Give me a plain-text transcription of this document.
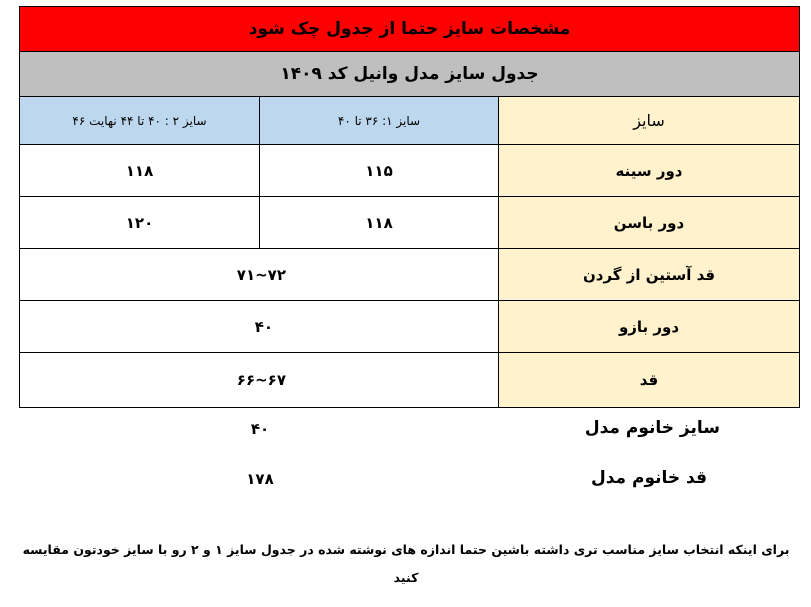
مشخصات سایز حتما از جدول چک شود
جدول سایز مدل وانیل کد ۱۴۰۹
سایز
سایز ۱: ۳۶ تا ۴۰
سایز ۲ : ۴۰ تا ۴۴ نهایت ۴۶
دور سینه
۱۱۵
۱۱۸
دور باسن
۱۱۸
۱۲۰
قد آستین از گردن
۷۱~۷۲
دور بازو
۴۰
قد
۶۶~۶۷
سایز خانوم مدل
۴۰
قد خانوم مدل
۱۷۸
برای اینکه انتخاب سایز مناسب تری داشته باشین حتما اندازه های نوشته شده در جدول سایز ۱ و ۲ رو با سایز خودتون مقایسه کنید
